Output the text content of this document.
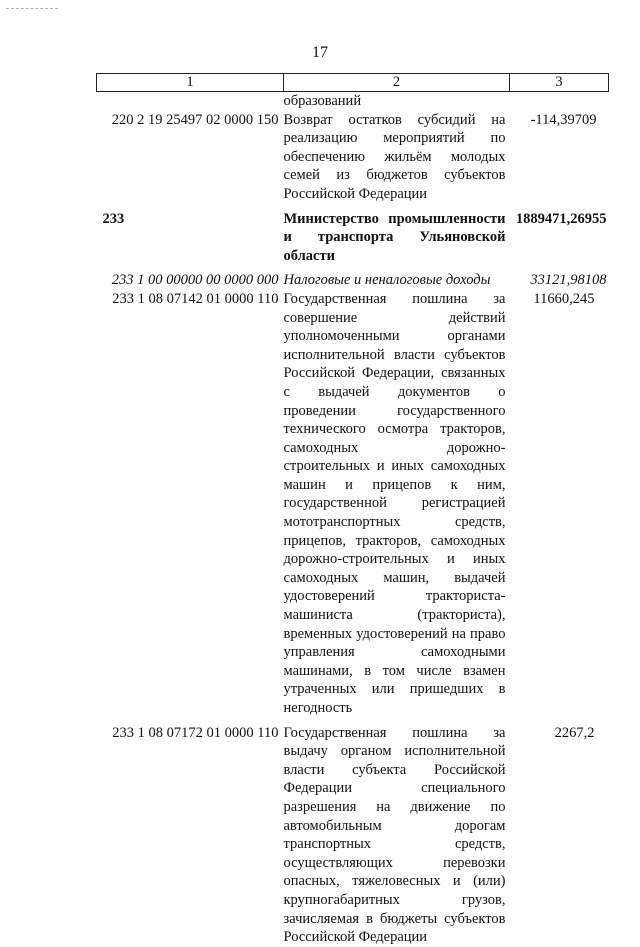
17
1	2	3
	образований	
220 2 19 25497 02 0000 150	Возврат остатков субсидий на реализацию мероприятий по обеспечению жильём молодых семей из бюджетов субъектов Российской Федерации	-114,39709
233	Министерство промышленности и транспорта Ульяновской области	1889471,26955
233 1 00 00000 00 0000 000	Налоговые и неналоговые доходы	33121,98108
233 1 08 07142 01 0000 110	Государственная пошлина за совершение действий уполномоченными органами исполнительной власти субъектов Российской Федерации, связанных с выдачей документов о проведении государственного технического осмотра тракторов, самоходных дорожно-строительных и иных самоходных машин и прицепов к ним, государственной регистрацией мототранспортных средств, прицепов, тракторов, самоходных дорожно-строительных и иных самоходных машин, выдачей удостоверений тракториста-машиниста (тракториста), временных удостоверений на право управления самоходными машинами, в том числе взамен утраченных или пришедших в негодность	11660,245
233 1 08 07172 01 0000 110	Государственная пошлина за выдачу органом исполнительной власти субъекта Российской Федерации специального разрешения на движение по автомобильным дорогам транспортных средств, осуществляющих перевозки опасных, тяжеловесных и (или) крупногабаритных грузов, зачисляемая в бюджеты субъектов Российской Федерации	2267,2
